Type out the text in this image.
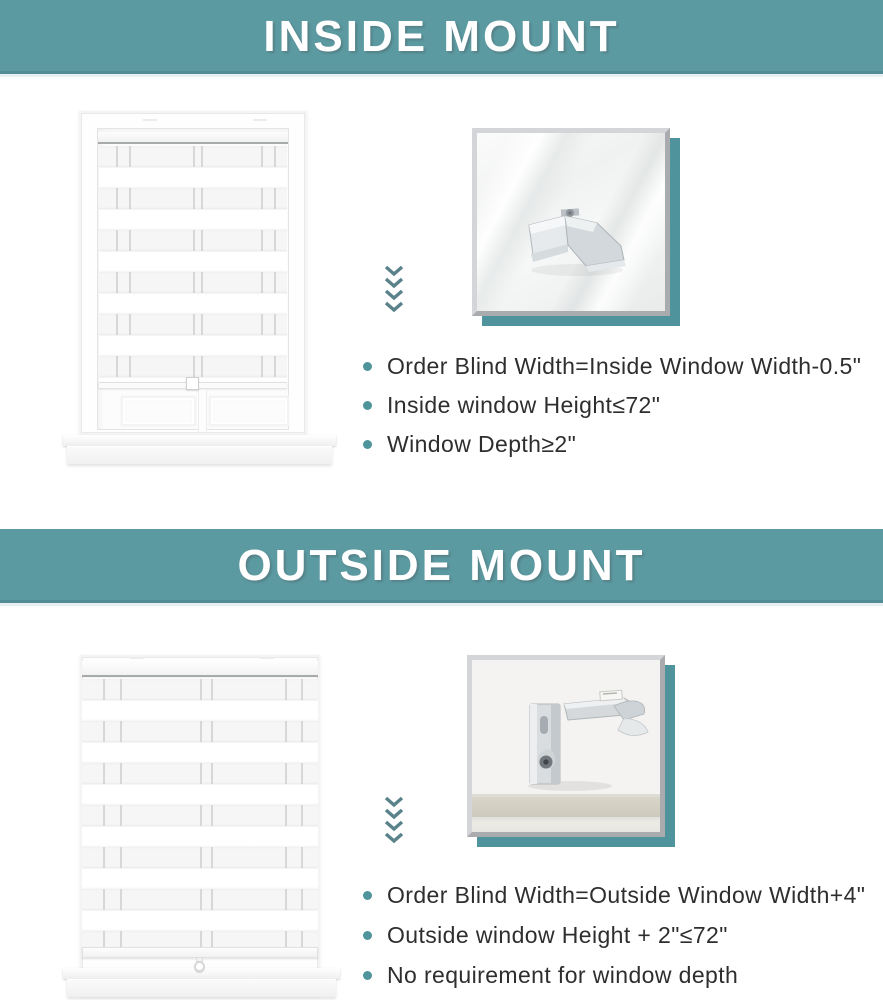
INSIDE MOUNT
Order Blind Width=Inside Window Width-0.5"
Inside window Height≤72"
Window Depth≥2"
OUTSIDE MOUNT
Order Blind Width=Outside Window Width+4"
Outside window Height + 2"≤72"
No requirement for window depth
